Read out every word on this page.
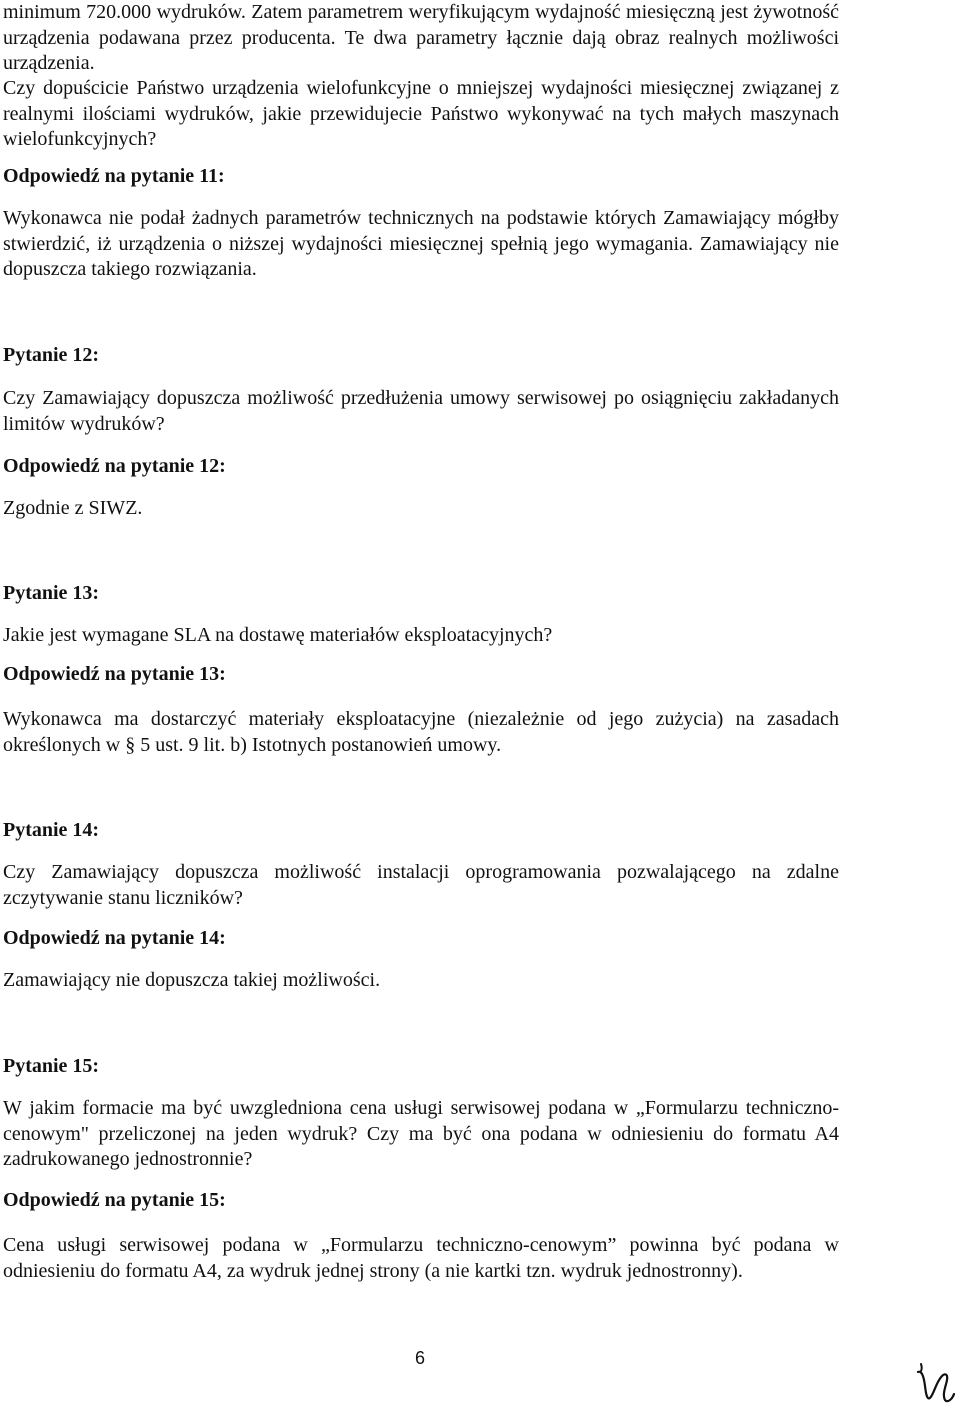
minimum 720.000 wydruków. Zatem parametrem weryfikującym wydajność miesięczną jest żywotność urządzenia podawana przez producenta. Te dwa parametry łącznie dają obraz realnych możliwości urządzenia.

Czy dopuścicie Państwo urządzenia wielofunkcyjne o mniejszej wydajności miesięcznej związanej z realnymi ilościami wydruków, jakie przewidujecie Państwo wykonywać na tych małych maszynach wielofunkcyjnych?

Odpowiedź na pytanie 11:

Wykonawca nie podał żadnych parametrów technicznych na podstawie których Zamawiający mógłby stwierdzić, iż urządzenia o niższej wydajności miesięcznej spełnią jego wymagania. Zamawiający nie dopuszcza takiego rozwiązania.

Pytanie 12:

Czy Zamawiający dopuszcza możliwość przedłużenia umowy serwisowej po osiągnięciu zakładanych limitów wydruków?

Odpowiedź na pytanie 12:

Zgodnie z SIWZ.

Pytanie 13:

Jakie jest wymagane SLA na dostawę materiałów eksploatacyjnych?

Odpowiedź na pytanie 13:

Wykonawca ma dostarczyć materiały eksploatacyjne (niezależnie od jego zużycia) na zasadach określonych w § 5 ust. 9 lit. b) Istotnych postanowień umowy.

Pytanie 14:

Czy Zamawiający dopuszcza możliwość instalacji oprogramowania pozwalającego na zdalne zczytywanie stanu liczników?

Odpowiedź na pytanie 14:

Zamawiający nie dopuszcza takiej możliwości.

Pytanie 15:

W jakim formacie ma być uwzgledniona cena usługi serwisowej podana w „Formularzu techniczno-cenowym" przeliczonej na jeden wydruk? Czy ma być ona podana w odniesieniu do formatu A4 zadrukowanego jednostronnie?

Odpowiedź na pytanie 15:

Cena usługi serwisowej podana w „Formularzu techniczno-cenowym” powinna być podana w odniesieniu do formatu A4, za wydruk jednej strony (a nie kartki tzn. wydruk jednostronny).

6
